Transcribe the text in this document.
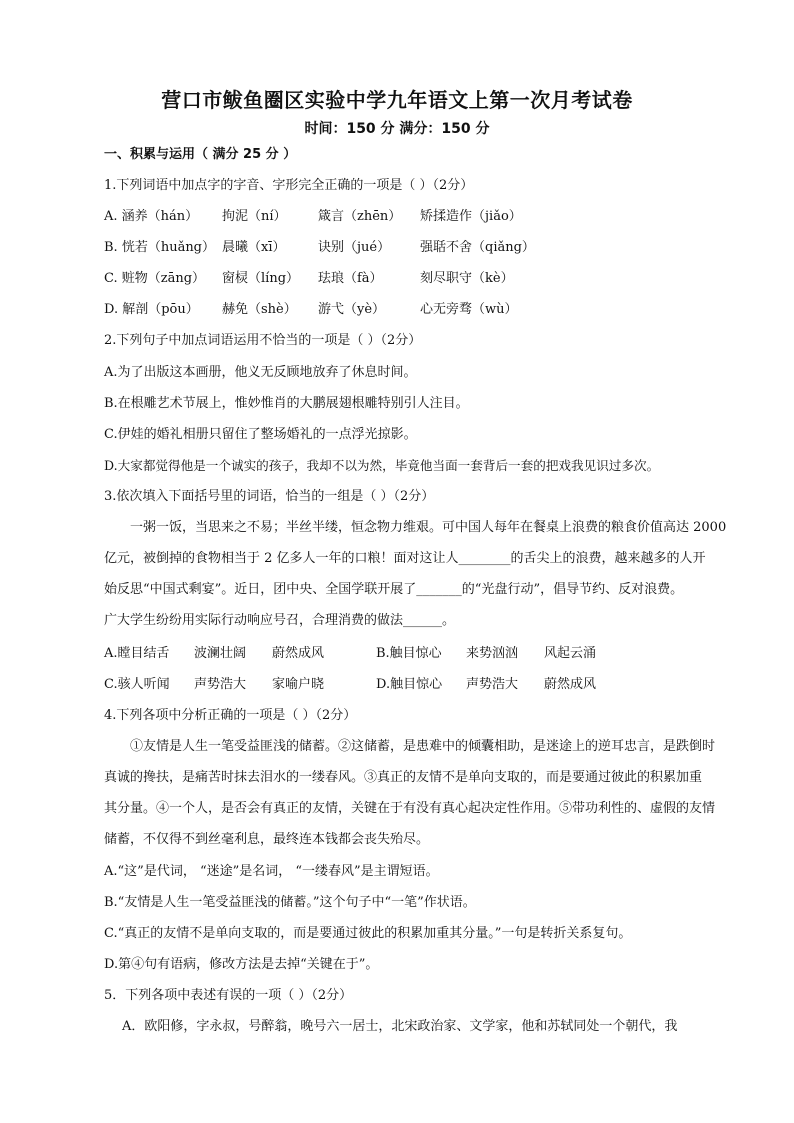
营口市鲅鱼圈区实验中学九年语文上第一次月考试卷
时间：150 分 满分：150 分
一、积累与运用（ 满分 25 分 ）
1.下列词语中加点字的字音、字形完全正确的一项是（ ）（2分）
A. 涵养（hán） 拘泥（ní） 箴言（zhēn） 矫揉造作（jiǎo）
B. 恍若（huǎng） 晨曦（xī）	诀别（jué） 强聒不舍（qiǎng）
C. 赃物（zāng） 窗棂（líng） 珐琅（fà）	刻尽职守（kè）
D. 解剖（pōu） 赫免（shè） 游弋（yè）	心无旁骛（wù）
2.下列句子中加点词语运用不恰当的一项是（ ）（2分）
A.为了出版这本画册，他义无反顾地放弃了休息时间。
B.在根雕艺术节展上，惟妙惟肖的大鹏展翅根雕特别引人注目。
C.伊娃的婚礼相册只留住了整场婚礼的一点浮光掠影。
D.大家都觉得他是一个诚实的孩子，我却不以为然，毕竟他当面一套背后一套的把戏我见识过多次。
3.依次填入下面括号里的词语，恰当的一组是（ ）（2分）
一粥一饭，当思来之不易；半丝半缕，恒念物力维艰。可中国人每年在餐桌上浪费的粮食价值高达 2000
亿元，被倒掉的食物相当于 2 亿多人一年的口粮！面对这让人________的舌尖上的浪费，越来越多的人开
始反思“中国式剩宴”。近日，团中央、全国学联开展了_______的“光盘行动”，倡导节约、反对浪费。
广大学生纷纷用实际行动响应号召，合理消费的做法______。
A.瞠目结舌 波澜壮阔 蔚然成风	B.触目惊心 来势汹汹 风起云涌
C.骇人听闻 声势浩大 家喻户晓	D.触目惊心 声势浩大 蔚然成风
4.下列各项中分析正确的一项是（ ）（2分）
①友情是人生一笔受益匪浅的储蓄。②这储蓄，是患难中的倾囊相助，是迷途上的逆耳忠言，是跌倒时
真诚的搀扶，是痛苦时抹去泪水的一缕春风。③真正的友情不是单向支取的，而是要通过彼此的积累加重
其分量。④一个人，是否会有真正的友情，关键在于有没有真心起决定性作用。⑤带功利性的、虚假的友情
储蓄，不仅得不到丝毫利息，最终连本钱都会丧失殆尽。
A.“这”是代词， “迷途”是名词， “一缕春风”是主谓短语。
B.“友情是人生一笔受益匪浅的储蓄。”这个句子中“一笔”作状语。
C.“真正的友情不是单向支取的，而是要通过彼此的积累加重其分量。”一句是转折关系复句。
D.第④句有语病，修改方法是去掉“关键在于”。
5．下列各项中表述有误的一项（ ）（2分）
A．欧阳修，字永叔，号醉翁，晚号六一居士，北宋政治家、文学家，他和苏轼同处一个朝代，我
